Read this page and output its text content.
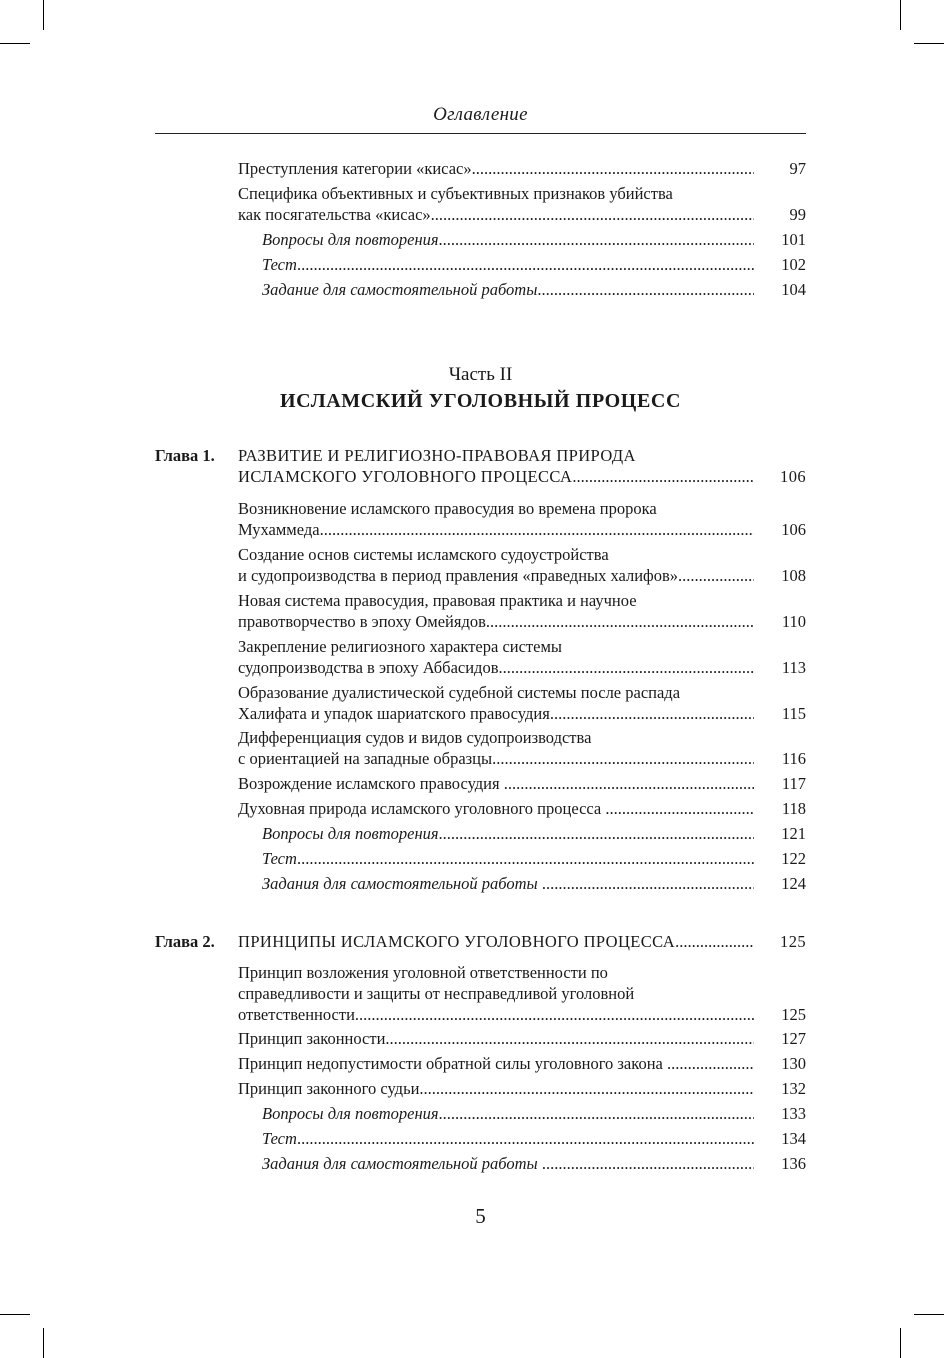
Оглавление
Преступления категории «кисас» .....	97
Специфика объективных и субъективных признаков убийства
как посягательства «кисас» .....	99
Вопросы для повторения .....	101
Тест .....	102
Задание для самостоятельной работы .....	104
Часть II
ИСЛАМСКИЙ УГОЛОВНЫЙ ПРОЦЕСС
Глава 1. РАЗВИТИЕ И РЕЛИГИОЗНО-ПРАВОВАЯ ПРИРОДА
ИСЛАМСКОГО УГОЛОВНОГО ПРОЦЕССА .....	106
Возникновение исламского правосудия во времена пророка
Мухаммеда .....	106
Создание основ системы исламского судоустройства
и судопроизводства в период правления «праведных халифов» .....	108
Новая система правосудия, правовая практика и научное
правотворчество в эпоху Омейядов .....	110
Закрепление религиозного характера системы
судопроизводства в эпоху Аббасидов .....	113
Образование дуалистической судебной системы после распада
Халифата и упадок шариатского правосудия .....	115
Дифференциация судов и видов судопроизводства
с ориентацией на западные образцы .....	116
Возрождение исламского правосудия .....	117
Духовная природа исламского уголовного процесса .....	118
Вопросы для повторения .....	121
Тест .....	122
Задания для самостоятельной работы .....	124
Глава 2. ПРИНЦИПЫ ИСЛАМСКОГО УГОЛОВНОГО ПРОЦЕССА .....	125
Принцип возложения уголовной ответственности по
справедливости и защиты от несправедливой уголовной
ответственности .....	125
Принцип законности .....	127
Принцип недопустимости обратной силы уголовного закона .....	130
Принцип законного судьи .....	132
Вопросы для повторения .....	133
Тест .....	134
Задания для самостоятельной работы .....	136
5
